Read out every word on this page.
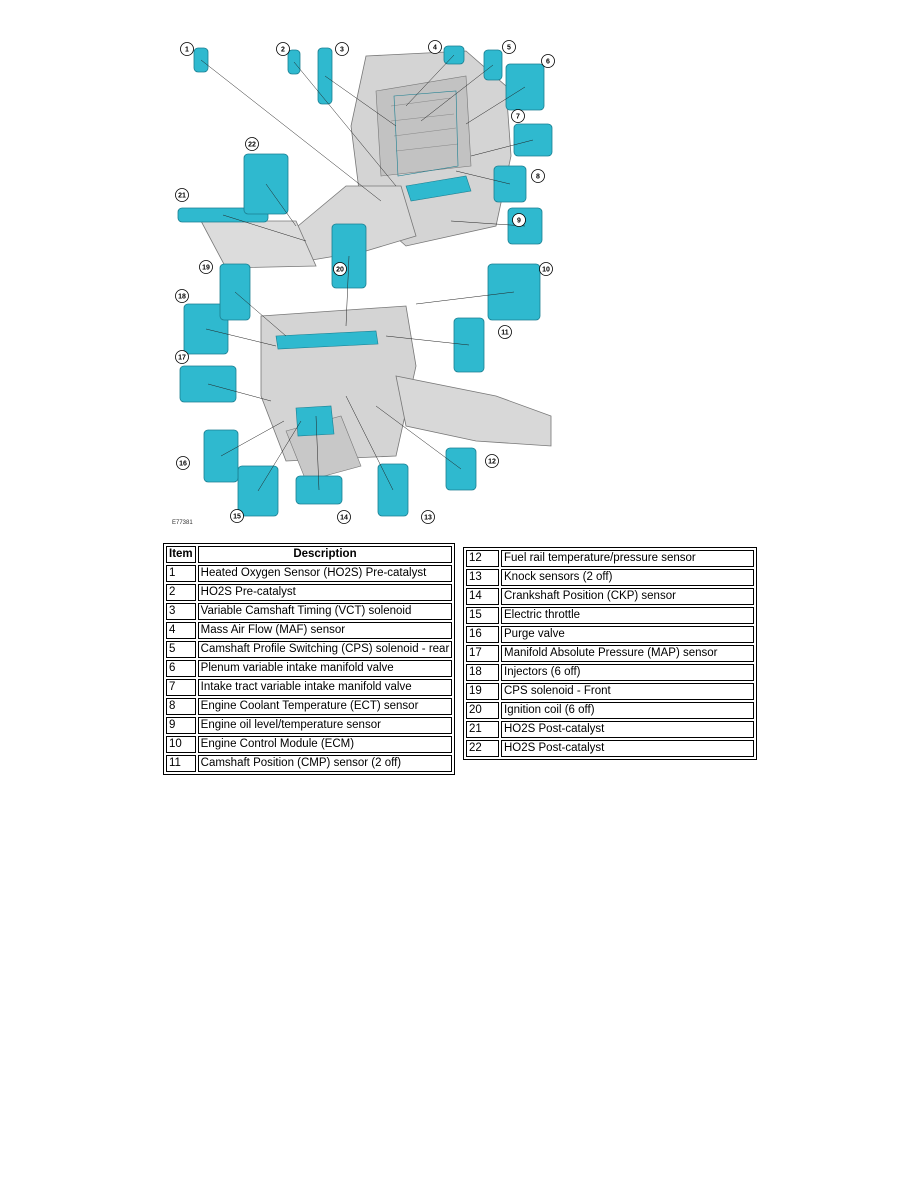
1	2	3	4	5
6
7
8
9
10
11
12
13
14
15
16
17
18
19	20
21
22
E77381
Item	Description
1	Heated Oxygen Sensor (HO2S) Pre-catalyst
2	HO2S Pre-catalyst
3	Variable Camshaft Timing (VCT) solenoid
4	Mass Air Flow (MAF) sensor
5	Camshaft Profile Switching (CPS) solenoid - rear
6	Plenum variable intake manifold valve
7	Intake tract variable intake manifold valve
8	Engine Coolant Temperature (ECT) sensor
9	Engine oil level/temperature sensor
10	Engine Control Module (ECM)
11	Camshaft Position (CMP) sensor (2 off)
12	Fuel rail temperature/pressure sensor
13	Knock sensors (2 off)
14	Crankshaft Position (CKP) sensor
15	Electric throttle
16	Purge valve
17	Manifold Absolute Pressure (MAP) sensor
18	Injectors (6 off)
19	CPS solenoid - Front
20	Ignition coil (6 off)
21	HO2S Post-catalyst
22	HO2S Post-catalyst
